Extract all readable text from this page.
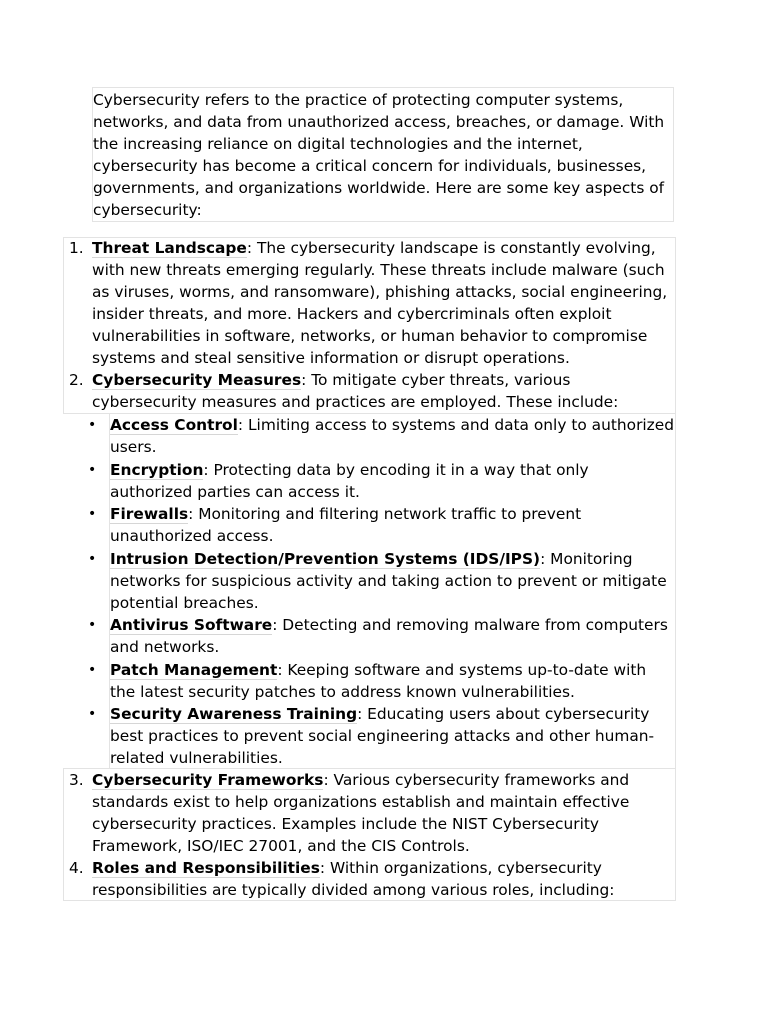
Cybersecurity refers to the practice of protecting computer systems, networks, and data from unauthorized access, breaches, or damage. With the increasing reliance on digital technologies and the internet, cybersecurity has become a critical concern for individuals, businesses, governments, and organizations worldwide. Here are some key aspects of cybersecurity:

1. Threat Landscape: The cybersecurity landscape is constantly evolving, with new threats emerging regularly. These threats include malware (such as viruses, worms, and ransomware), phishing attacks, social engineering, insider threats, and more. Hackers and cybercriminals often exploit vulnerabilities in software, networks, or human behavior to compromise systems and steal sensitive information or disrupt operations.
2. Cybersecurity Measures: To mitigate cyber threats, various cybersecurity measures and practices are employed. These include:
• Access Control: Limiting access to systems and data only to authorized users.
• Encryption: Protecting data by encoding it in a way that only authorized parties can access it.
• Firewalls: Monitoring and filtering network traffic to prevent unauthorized access.
• Intrusion Detection/Prevention Systems (IDS/IPS): Monitoring networks for suspicious activity and taking action to prevent or mitigate potential breaches.
• Antivirus Software: Detecting and removing malware from computers and networks.
• Patch Management: Keeping software and systems up-to-date with the latest security patches to address known vulnerabilities.
• Security Awareness Training: Educating users about cybersecurity best practices to prevent social engineering attacks and other human-related vulnerabilities.
3. Cybersecurity Frameworks: Various cybersecurity frameworks and standards exist to help organizations establish and maintain effective cybersecurity practices. Examples include the NIST Cybersecurity Framework, ISO/IEC 27001, and the CIS Controls.
4. Roles and Responsibilities: Within organizations, cybersecurity responsibilities are typically divided among various roles, including:
